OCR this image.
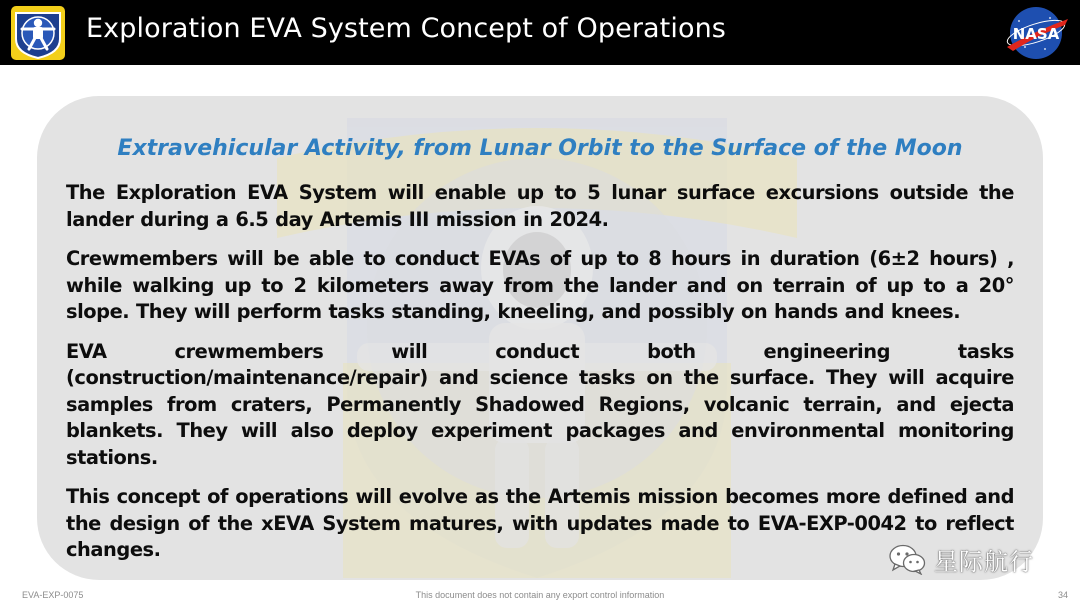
Exploration EVA System Concept of Operations	NASA
Extravehicular Activity, from Lunar Orbit to the Surface of the Moon

The Exploration EVA System will enable up to 5 lunar surface excursions outside the lander during a 6.5 day Artemis III mission in 2024.

Crewmembers will be able to conduct EVAs of up to 8 hours in duration (6±2 hours) , while walking up to 2 kilometers away from the lander and on terrain of up to a 20° slope. They will perform tasks standing, kneeling, and possibly on hands and knees.

EVA crewmembers will conduct both engineering tasks (construction/maintenance/repair) and science tasks on the surface. They will acquire samples from craters, Permanently Shadowed Regions, volcanic terrain, and ejecta blankets. They will also deploy experiment packages and environmental monitoring stations.

This concept of operations will evolve as the Artemis mission becomes more defined and the design of the xEVA System matures, with updates made to EVA-EXP-0042 to reflect changes.	星际航行
EVA-EXP-0075	This document does not contain any export control information	34
